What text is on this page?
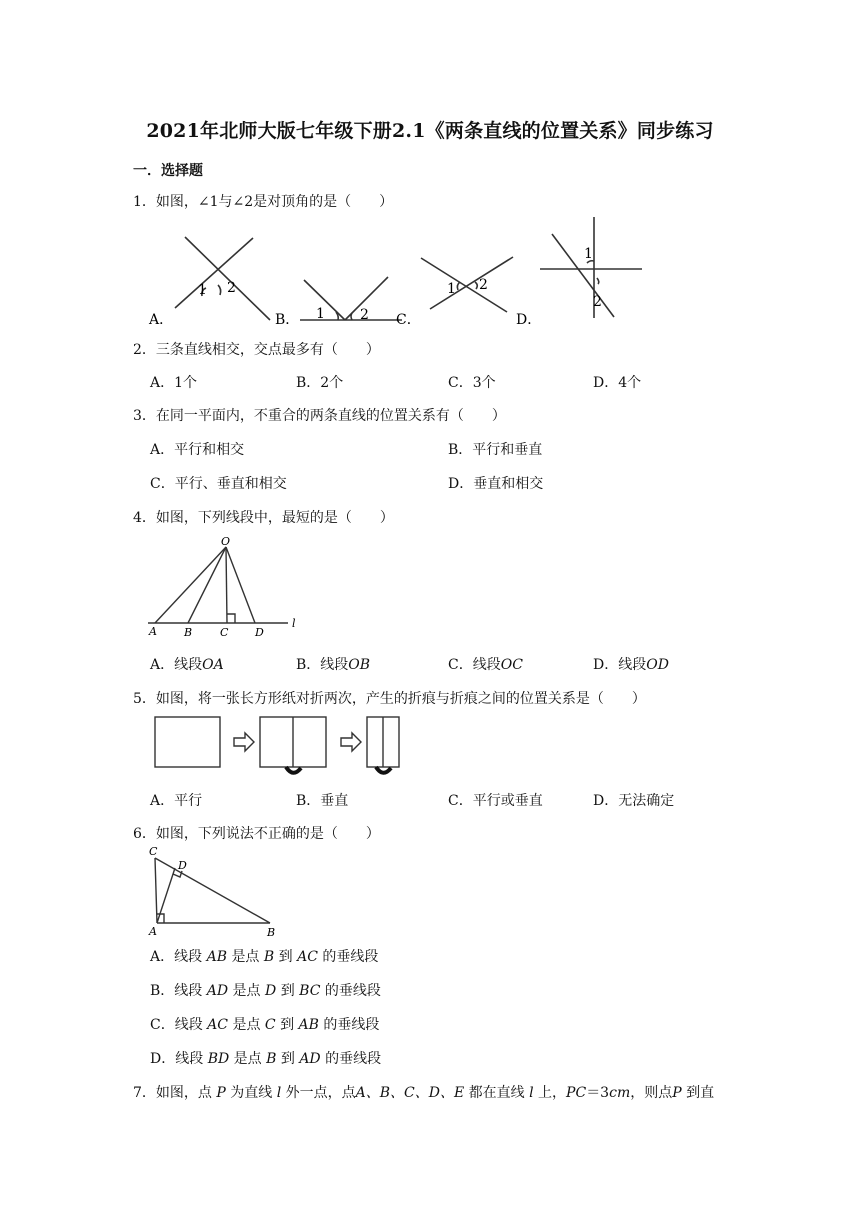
2021年北师大版七年级下册2.1《两条直线的位置关系》同步练习
一．选择题
1．如图，∠1与∠2是对顶角的是（　　）
1 2
A．	1	2
B．
1 2
C．
1
2
D．
2．三条直线相交，交点最多有（　　）
A．1个	B．2个	C．3个	D．4个
3．在同一平面内，不重合的两条直线的位置关系有（　　）
A．平行和相交	B．平行和垂直
C．平行、垂直和相交	D．垂直和相交
4．如图，下列线段中，最短的是（　　）
O
A B	C D
l
A．线段OA	B．线段OB	C．线段OC	D．线段OD
5．如图，将一张长方形纸对折两次，产生的折痕与折痕之间的位置关系是（　　）
A．平行	B．垂直	C．平行或垂直	D．无法确定
6．如图，下列说法不正确的是（　　）
C
D
A	B
A．线段 AB 是点 B 到 AC 的垂线段
B．线段 AD 是点 D 到 BC 的垂线段
C．线段 AC 是点 C 到 AB 的垂线段
D．线段 BD 是点 B 到 AD 的垂线段
7．如图，点 P 为直线 l 外一点，点A、B、C、D、E 都在直线 l 上，PC＝3cm，则点P 到直
